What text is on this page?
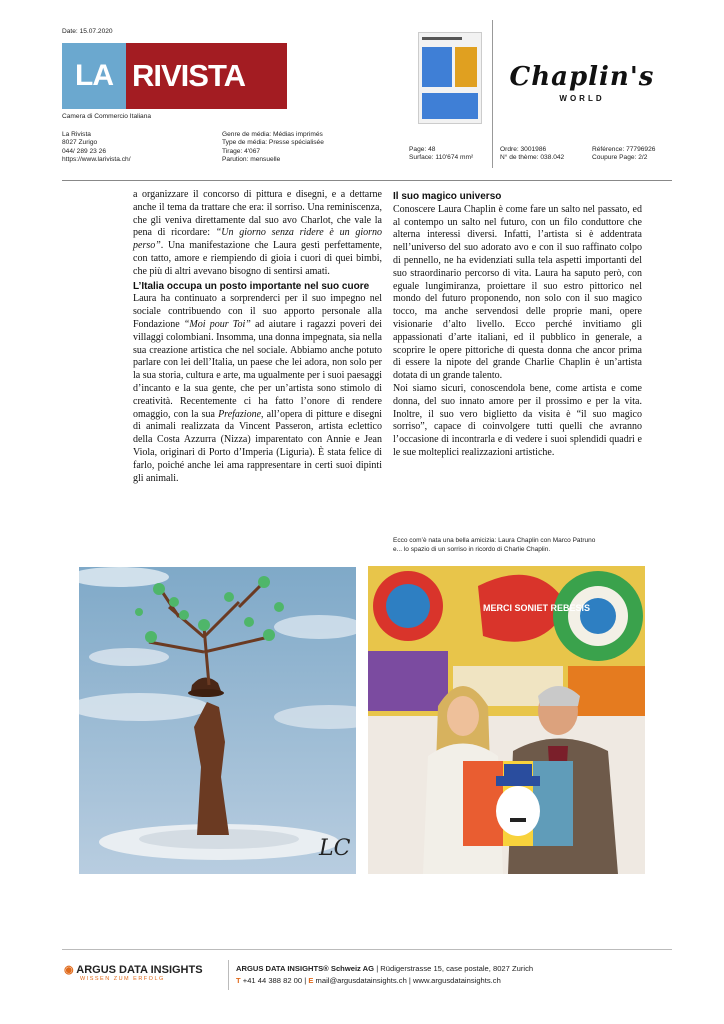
Date: 15.07.2020
LA RIVISTA
Camera di Commercio Italiana
Chaplin's
WORLD
La Rivista
8027 Zurigo
044/ 289 23 26
https://www.larivista.ch/
Genre de média: Médias imprimés
Type de média: Presse spécialisée
Tirage: 4'067
Parution: mensuelle
Page: 48
Surface: 110'674 mm²
Ordre: 3001986
N° de thème: 038.042
Référence: 77796926
Coupure Page: 2/2

a organizzare il concorso di pittura e disegni, e a dettarne anche il tema da trattare che era: il sorriso. Una reminiscenza, che gli veniva direttamente dal suo avo Charlot, che vale la pena di ricordare: “Un giorno senza ridere è un giorno perso”. Una manifestazione che Laura gestì perfettamente, con tatto, amore e riempiendo di gioia i cuori di quei bimbi, che più di altri avevano bisogno di sentirsi amati.

L’Italia occupa un posto importante nel suo cuore

Laura ha continuato a sorprenderci per il suo impegno nel sociale contribuendo con il suo apporto personale alla Fondazione “Moi pour Toi” ad aiutare i ragazzi poveri dei villaggi colombiani. Insomma, una donna impegnata, sia nella sua creazione artistica che nel sociale. Abbiamo anche potuto parlare con lei dell’Italia, un paese che lei adora, non solo per la sua storia, cultura e arte, ma ugualmente per i suoi paesaggi d’incanto e la sua gente, che per un’artista sono stimolo di creatività. Recentemente ci ha fatto l’onore di rendere omaggio, con la sua Prefazione, all’opera di pitture e disegni di animali realizzata da Vincent Passeron, artista eclettico della Costa Azzurra (Nizza) imparentato con Annie e Jean Viola, originari di Porto d’Imperia (Liguria). È stata felice di farlo, poiché anche lei ama rappresentare in certi suoi dipinti gli animali.

Il suo magico universo

Conoscere Laura Chaplin è come fare un salto nel passato, ed al contempo un salto nel futuro, con un filo conduttore che alterna interessi diversi. Infatti, l’artista si è addentrata nell’universo del suo adorato avo e con il suo raffinato colpo di pennello, ne ha evidenziati sulla tela aspetti importanti del suo straordinario percorso di vita. Laura ha saputo però, con eguale lungimiranza, proiettare il suo estro pittorico nel mondo del futuro proponendo, non solo con il suo magico tocco, ma anche servendosi delle proprie mani, opere visionarie d’alto livello. Ecco perché invitiamo gli appassionati d’arte italiani, ed il pubblico in generale, a scoprire le opere pittoriche di questa donna che ancor prima di essere la nipote del grande Charlie Chaplin è un’artista dotata di un grande talento.

Noi siamo sicuri, conoscendola bene, come artista e come donna, del suo innato amore per il prossimo e per la vita. Inoltre, il suo vero biglietto da visita è “il suo magico sorriso”, capace di coinvolgere tutti quelli che avranno l’occasione di incontrarla e di vedere i suoi splendidi quadri e le sue molteplici realizzazioni artistiche.

Ecco com’è nata una bella amicizia: Laura Chaplin con Marco Patruno
e... lo spazio di un sorriso in ricordo di Charlie Chaplin.
LC
MERCI SONIET REBESIS
◉ ARGUS DATA INSIGHTS
WISSEN ZUM ERFOLG
ARGUS DATA INSIGHTS® Schweiz AG | Rüdigerstrasse 15, case postale, 8027 Zurich
T +41 44 388 82 00 | E mail@argusdatainsights.ch | www.argusdatainsights.ch
